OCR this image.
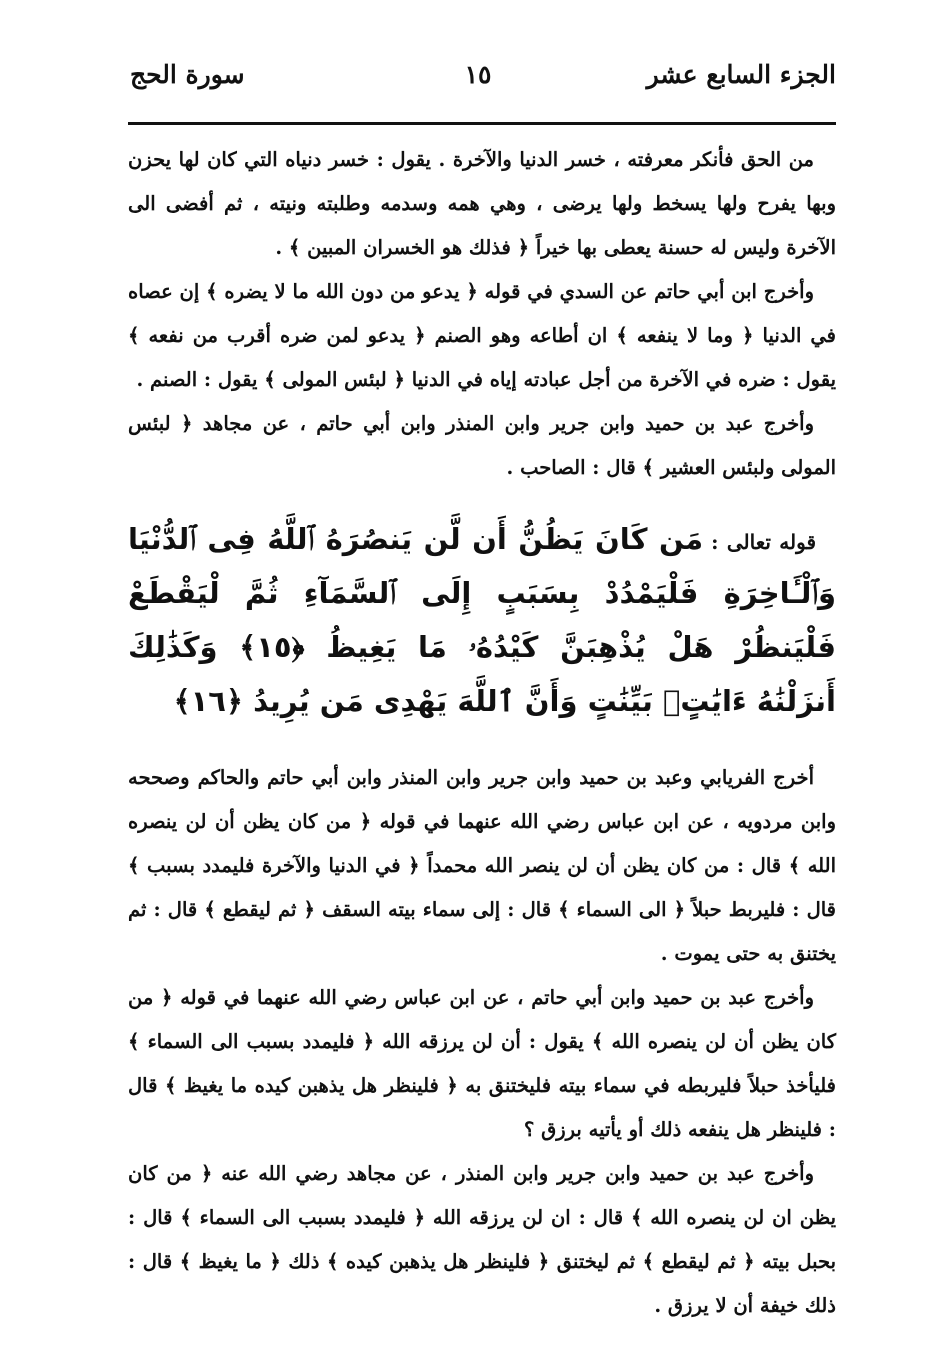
الجزء السابع عشر
١٥
سورة الحج

من الحق فأنكر معرفته ، خسر الدنيا والآخرة . يقول : خسر دنياه التي كان لها يحزن وبها يفرح ولها يسخط ولها يرضى ، وهي همه وسدمه وطلبته ونيته ، ثم أفضى الى الآخرة وليس له حسنة يعطى بها خيراً ﴿ فذلك هو الخسران المبين ﴾ .

وأخرج ابن أبي حاتم عن السدي في قوله ﴿ يدعو من دون الله ما لا يضره ﴾ إن عصاه في الدنيا ﴿ وما لا ينفعه ﴾ ان أطاعه وهو الصنم ﴿ يدعو لمن ضره أقرب من نفعه ﴾ يقول : ضره في الآخرة من أجل عبادته إياه في الدنيا ﴿ لبئس المولى ﴾ يقول : الصنم .

وأخرج عبد بن حميد وابن جرير وابن المنذر وابن أبي حاتم ، عن مجاهد ﴿ لبئس المولى ولبئس العشير ﴾ قال : الصاحب .

قوله تعالى :مَن كَانَ يَظُنُّ أَن لَّن يَنصُرَهُ ٱللَّهُ فِى ٱلدُّنْيَا وَٱلْـَٔاخِرَةِ فَلْيَمْدُدْ بِسَبَبٍ إِلَى ٱلسَّمَآءِ ثُمَّ لْيَقْطَعْ فَلْيَنظُرْ هَلْ يُذْهِبَنَّ كَيْدُهُۥ مَا يَغِيظُ ﴿١٥﴾ وَكَذَٰلِكَ أَنزَلْنَٰهُ ءَايَٰتٍۭ بَيِّنَٰتٍ وَأَنَّ ٱللَّهَ يَهْدِى مَن يُرِيدُ ﴿١٦﴾

أخرج الفريابي وعبد بن حميد وابن جرير وابن المنذر وابن أبي حاتم والحاكم وصححه وابن مردويه ، عن ابن عباس رضي الله عنهما في قوله ﴿ من كان يظن أن لن ينصره الله ﴾ قال : من كان يظن أن لن ينصر الله محمداً ﴿ في الدنيا والآخرة فليمدد بسبب ﴾ قال : فليربط حبلاً ﴿ الى السماء ﴾ قال : إلى سماء بيته السقف ﴿ ثم ليقطع ﴾ قال : ثم يختنق به حتى يموت .

وأخرج عبد بن حميد وابن أبي حاتم ، عن ابن عباس رضي الله عنهما في قوله ﴿ من كان يظن أن لن ينصره الله ﴾ يقول : أن لن يرزقه الله ﴿ فليمدد بسبب الى السماء ﴾ فليأخذ حبلاً فليربطه في سماء بيته فليختنق به ﴿ فلينظر هل يذهبن كيده ما يغيظ ﴾ قال : فلينظر هل ينفعه ذلك أو يأتيه برزق ؟

وأخرج عبد بن حميد وابن جرير وابن المنذر ، عن مجاهد رضي الله عنه ﴿ من كان يظن ان لن ينصره الله ﴾ قال : ان لن يرزقه الله ﴿ فليمدد بسبب الى السماء ﴾ قال : بحبل بيته ﴿ ثم ليقطع ﴾ ثم ليختنق ﴿ فلينظر هل يذهبن كيده ﴾ ذلك ﴿ ما يغيظ ﴾ قال : ذلك خيفة أن لا يرزق .
